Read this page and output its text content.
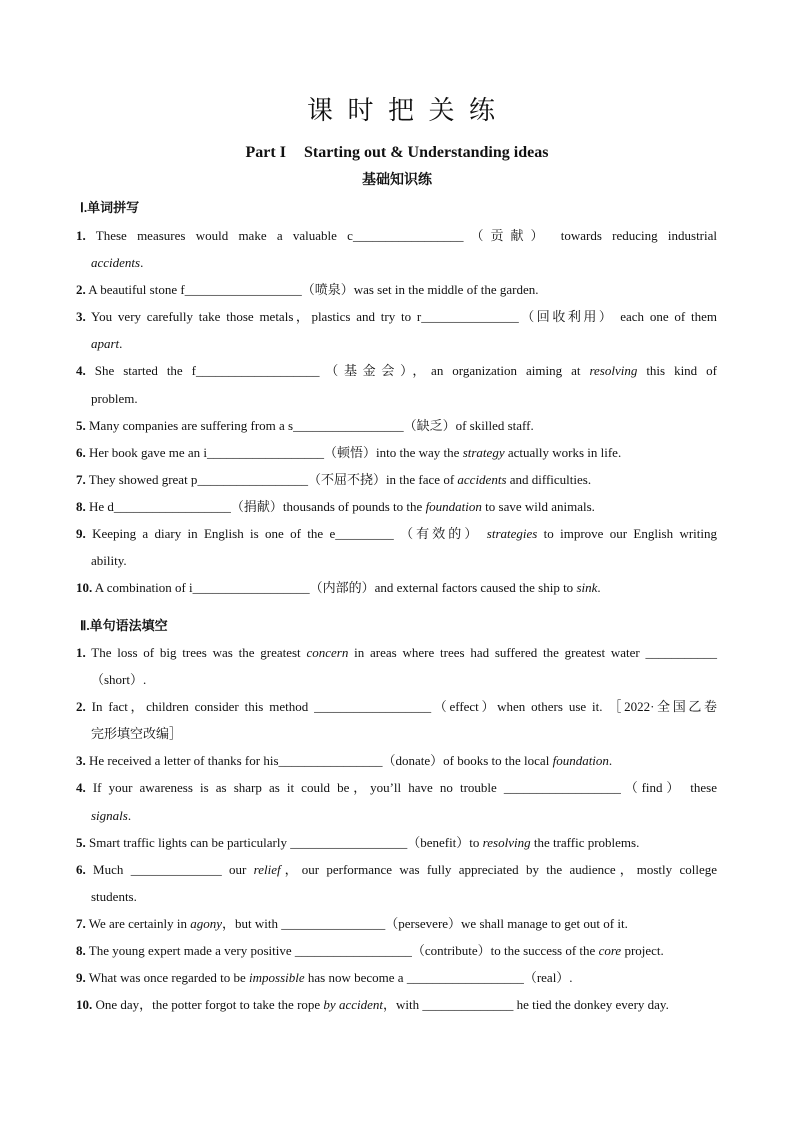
课 时 把 关 练
Part I Starting out & Understanding ideas
基础知识练
Ⅰ.单词拼写
1. These measures would make a valuable c_________________（贡献） towards reducing industrial
accidents.
2. A beautiful stone f__________________（喷泉）was set in the middle of the garden.
3. You very carefully take those metals，plastics and try to r_______________（回收利用） each one of them
apart.
4. She started the f___________________（基金会），an organization aiming at resolving this kind of
problem.
5. Many companies are suffering from a s_________________（缺乏）of skilled staff.
6. Her book gave me an i__________________（顿悟）into the way the strategy actually works in life.
7. They showed great p_________________（不屈不挠）in the face of accidents and difficulties.
8. He d__________________（捐献）thousands of pounds to the foundation to save wild animals.
9. Keeping a diary in English is one of the e_________ （有效的） strategies to improve our English writing
ability.
10. A combination of i__________________（内部的）and external factors caused the ship to sink.
Ⅱ.单句语法填空
1. The loss of big trees was the greatest concern in areas where trees had suffered the greatest water ___________
（short）.
2. In fact，children consider this method __________________（effect）when others use it. ［2022·全国乙卷
完形填空改编］
3. He received a letter of thanks for his________________（donate）of books to the local foundation.
4. If your awareness is as sharp as it could be，you’ll have no trouble __________________（find） these
signals.
5. Smart traffic lights can be particularly __________________（benefit）to resolving the traffic problems.
6. Much ______________ our relief，our performance was fully appreciated by the audience，mostly college
students.
7. We are certainly in agony，but with ________________（persevere）we shall manage to get out of it.
8. The young expert made a very positive __________________（contribute）to the success of the core project.
9. What was once regarded to be impossible has now become a __________________（real）.
10. One day，the potter forgot to take the rope by accident，with ______________ he tied the donkey every day.
